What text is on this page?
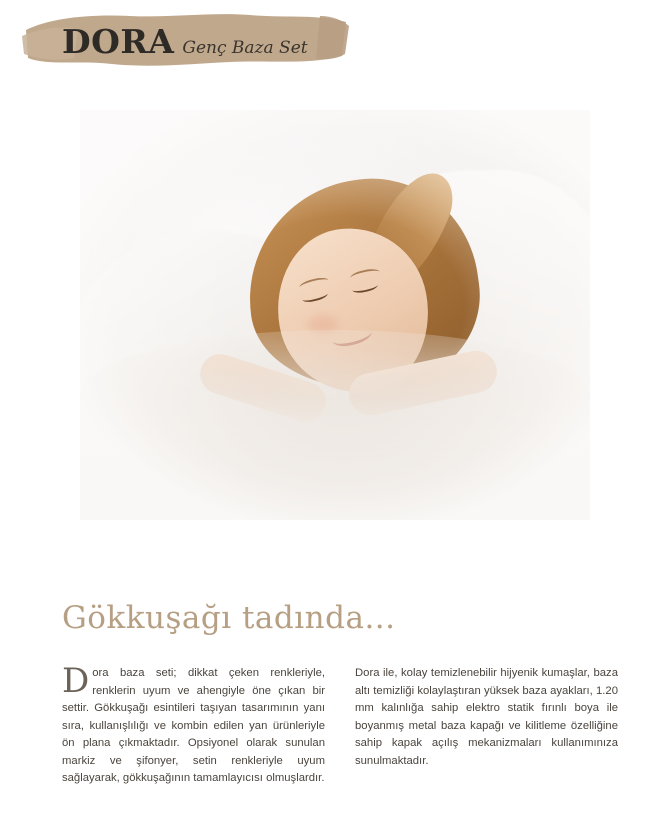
DORA Genç Baza Set
Gökkuşağı tadında...

Dora baza seti; dikkat çeken renkleriyle, renklerin uyum ve ahengiyle öne çıkan bir settir. Gökkuşağı esintileri taşıyan tasarımının yanı sıra, kullanışlılığı ve kombin edilen yan ürünleriyle ön plana çıkmaktadır. Opsiyonel olarak sunulan markiz ve şifonyer, setin renkleriyle uyum sağlayarak, gökkuşağının tamamlayıcısı olmuşlardır.

Dora ile, kolay temizlenebilir hijyenik kumaşlar, baza altı temizliği kolaylaştıran yüksek baza ayakları, 1.20 mm kalınlığa sahip elektro statik fırınlı boya ile boyanmış metal baza kapağı ve kilitleme özelliğine sahip kapak açılış mekanizmaları kullanımınıza sunulmaktadır.
